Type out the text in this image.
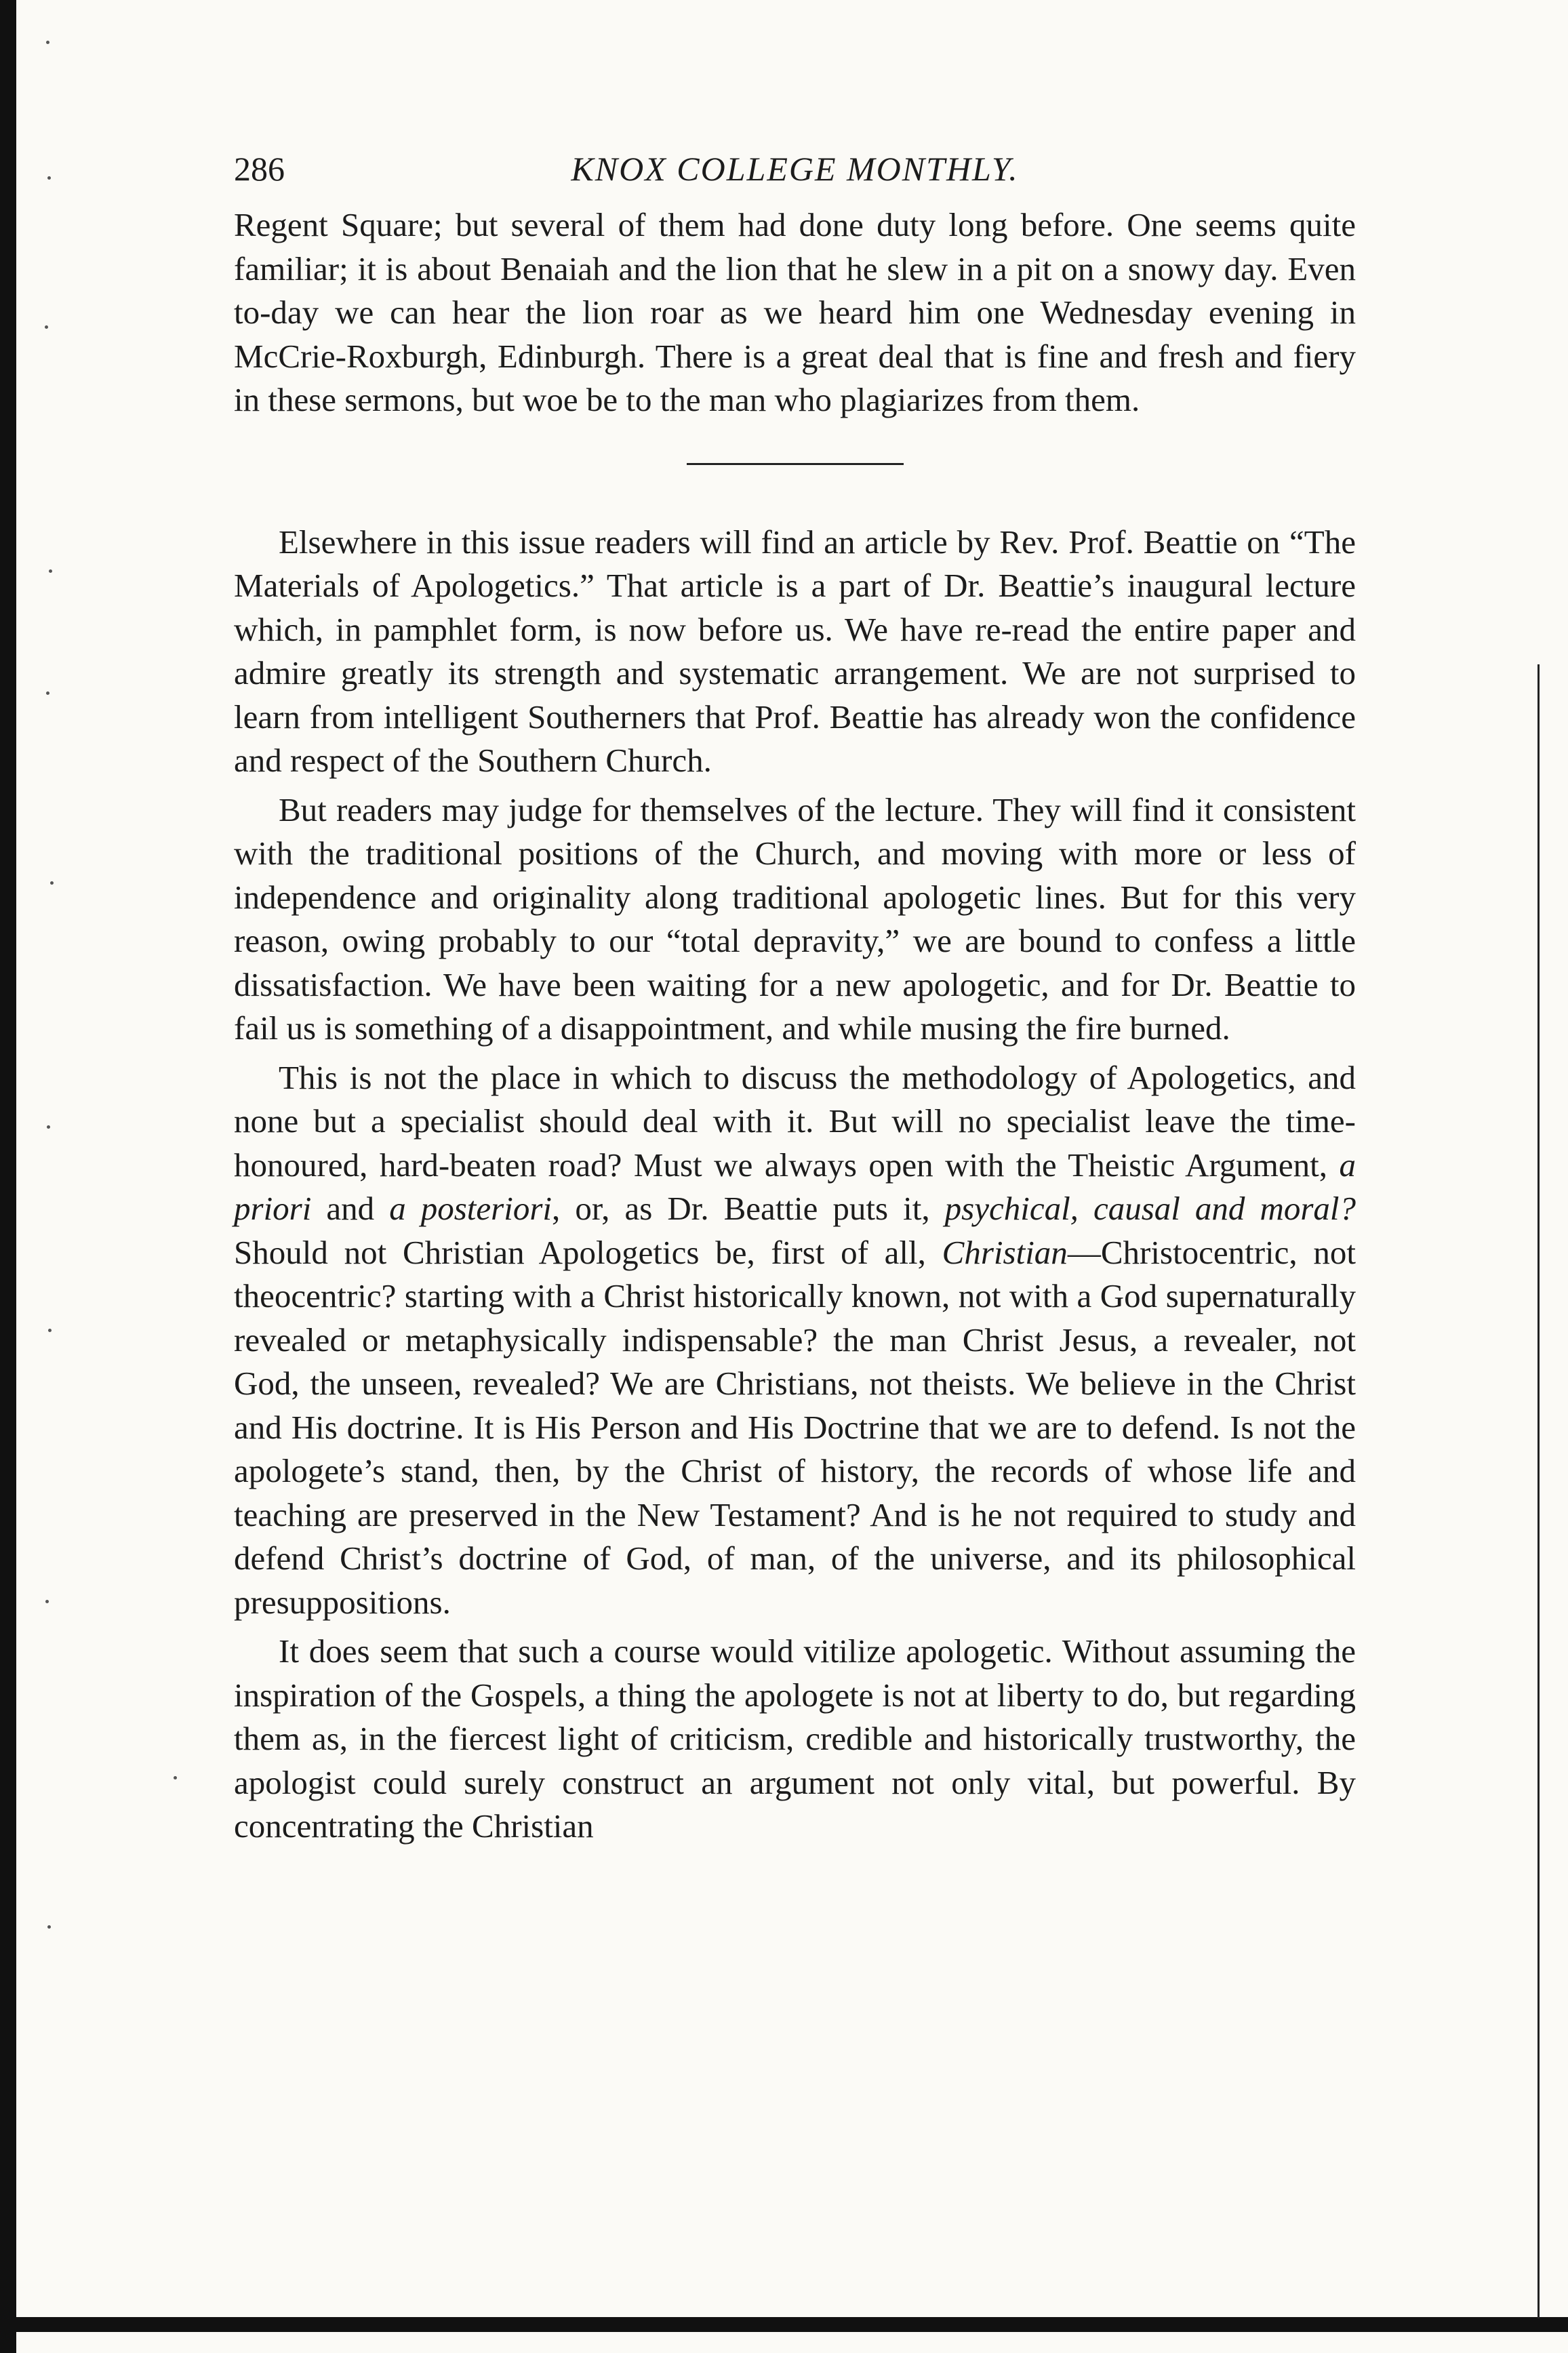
286	KNOX COLLEGE MONTHLY.

Regent Square; but several of them had done duty long before. One seems quite familiar; it is about Benaiah and the lion that he slew in a pit on a snowy day. Even to-day we can hear the lion roar as we heard him one Wednesday evening in McCrie-Roxburgh, Edinburgh. There is a great deal that is fine and fresh and fiery in these sermons, but woe be to the man who plagiarizes from them.

Elsewhere in this issue readers will find an article by Rev. Prof. Beattie on “The Materials of Apologetics.” That article is a part of Dr. Beattie’s inaugural lecture which, in pamphlet form, is now before us. We have re-read the entire paper and admire greatly its strength and systematic arrangement. We are not surprised to learn from intelligent Southerners that Prof. Beattie has already won the confidence and respect of the Southern Church.

But readers may judge for themselves of the lecture. They will find it consistent with the traditional positions of the Church, and moving with more or less of independence and originality along traditional apologetic lines. But for this very reason, owing probably to our “total depravity,” we are bound to confess a little dissatisfaction. We have been waiting for a new apologetic, and for Dr. Beattie to fail us is something of a disappointment, and while musing the fire burned.

This is not the place in which to discuss the methodology of Apologetics, and none but a specialist should deal with it. But will no specialist leave the time-honoured, hard-beaten road? Must we always open with the Theistic Argument, a priori and a posteriori, or, as Dr. Beattie puts it, psychical, causal and moral? Should not Christian Apologetics be, first of all, Christian—Christocentric, not theocentric? starting with a Christ historically known, not with a God supernaturally revealed or metaphysically indispensable? the man Christ Jesus, a revealer, not God, the unseen, revealed? We are Christians, not theists. We believe in the Christ and His doctrine. It is His Person and His Doctrine that we are to defend. Is not the apologete’s stand, then, by the Christ of history, the records of whose life and teaching are preserved in the New Testament? And is he not required to study and defend Christ’s doctrine of God, of man, of the universe, and its philosophical presuppositions.

It does seem that such a course would vitilize apologetic. Without assuming the inspiration of the Gospels, a thing the apologete is not at liberty to do, but regarding them as, in the fiercest light of criticism, credible and historically trustworthy, the apologist could surely construct an argument not only vital, but powerful. By concentrating the Christian
